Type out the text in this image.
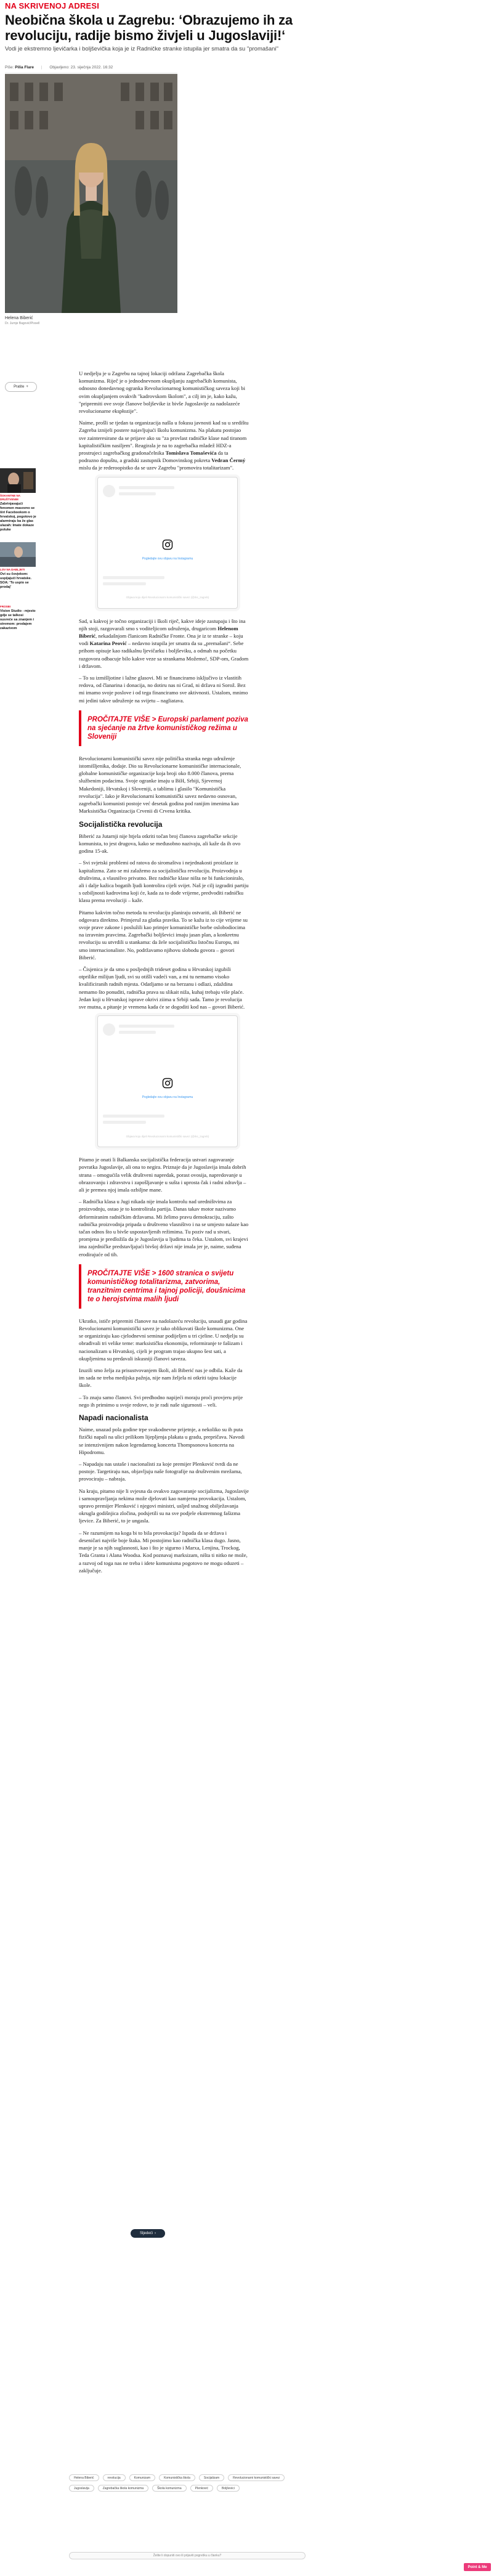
NA SKRIVENOJ ADRESI
Neobična škola u Zagrebu: ‘Obrazujemo ih za revoluciju, radije bismo živjeli u Jugoslaviji!‘
Vodi je ekstremno ljevičarka i boljševička koja je iz Radničke stranke istupila jer smatra da su "promašani"
Piše: Pilia Flare | Objavljeno: 23. siječnja 2022. 16:32
Helena Biberić
Dr. Jurnje Bagović/Pixsell
Pratite +
ŠOKANTNE NA DRUŠTVENIM
Zabrinjavajući fenomen masovno se širi Facebookom o hrvatskoj, pogotovo je alarmiraju ba že glas ulazah: Imate dokaze poluke
LOV NA DABLJETI
Ovi su čovjekom: uspijajući hrvatske. SOA: 'To uspio se prodaj'
FROSBI
Vision Studio - mjesto gdje se talkosi susreće sa znanjem i stremom: prodajem zakazivom

U nedjelju je u Zagrebu na tajnoj lokaciji održana Zagrebačka škola komunizma. Riječ je o jednodnevnom okupljanju zagrebačkih komunista, odnosno donedavnog ogranka Revolucionarnog komunističkog saveza koji bi ovim okupljanjem ovakvih "kadrovskom školom", a cilj im je, kako kažu, "pripremiti ove svoje članove boljševike iz bivše Jugoslavije za nadolazeće revolucionarne ekspłozije".

Naime, prošli se tjedan ta organizacija našla u fokusu javnosti kad su u središtu Zagreba iznijeli postere najavljujući školu komunizma. Na plakatu postojao sve zainteresirane da se prijave ako su "za provlast radničke klase nad tiranom kapitalističkim nasiljem". Reagirala je na to zagrebačka mladež HDZ-a prostrujeci zagrebačkog gradonačelnika Tomislava Tomaševića da ta podrazno dopuštu, a gradski zastupnik Domovinskog pokreta Vedran Čermý mislu da je rederoopistko da se uzev Zagrebu "promovira totalitarizam".

Pogledajte ovu objavu na Instagramu
Objava koju dijeli Revolucionarni komunistički savez (@rks_zagreb)

Sad, u kakvoj je točno organizaciji i školi riječ, kakve ideje zastupaju i što ina njih stoji, razgovarali smo s voditeljicom udruženja, drugaricom Helenom Biberić, nekadašnjom članicom Radničke Fronte. Ona je iz te stranke – koju vodi Katarina Peović – nedavno istupila jer smatra da su „premašani“. Sebe prihom opisuje kao radikalnu ljevičarku i boljševiku, a odmah na početku razgovora odbacuje bilo kakve veze sa strankama Možemo!, SDP-om, Gradom i državom.

– To su izmišljotine i lažne glasovi. Mi se financiramo isključivo iz vlastitih redova, od članarina i donacija, no dotiru nas ni Grad, ni država ni Sorož. Bez mi imamo svoje poslove i od tega financiramo sve aktivnosti. Ustalom, mnimo mi jedini takve udruženje na svijetu – nagliatava.

PROČITAJTE VIŠE > Europski parlament poziva na sjećanje na žrtve komunističkog režima u Sloveniji

Revolucionarni komunistički savez nije politička stranka nego udruženje istomišljenika, dodaje. Dio su Revolucionarne komunističke internacionale, globalne komunističke organizacije koja broji oko 8.000 članova, prema službenim podacima. Svoje ogranke imaju u BiH, Srbiji, Sjevernoj Makedoniji, Hrvatskoj i Sloveniji, a tablimu i glasilo "Komunistička revolucija". Iako je Revolucionarni komunistički savez nedavno osnovan, zagrebački komunisti postoje već desetak godina pod ranijim imenima kao Marksistička Organizacija Crvenii di Crvena kritika.

Socijalistička revolucija

Biberić za Jutarnji nije htjela otkriti točan broj članova zagrebačke sekcije komunista, to jest drugova, kako se međusobno nazivaju, ali kaže da ih ovo godina 15-ak.

– Svi svjetski problemi od ratova do siromaštva i nejednakosti proizlaze iz kapitalizma. Zato se mi zalažemo za socijalističku revoluciju. Proizvodnja u društvima, a vlasnišvo privatno. Bez radničke klase ništa ne bi funkcioniralo, ali i dalje kažica bogatih ljudi kontrolira cijeli svijet. Naš je cilj izgraditi partiju s ozbiljnosti kadrovima koji će, kada za to dođe vrijeme, predvoditi radničku klasu prema revoluciji – kaže.

Pitamo kakvim točno metoda tu revoluciju planiraju ostvariti, ali Biberić ne odgovara direktno. Primjerul za glatka pravika. To se kažu iz to cije vrijeme su svoje prave zakone i poslužili kao primjer komunističke borbe oslobodiocima na izravnim pravcima. Zagrebački boljševici imaju jasan plan, a konkretnu revoluciju su utvrdili u stankama: da žele socijalističku Istočnu Europu, mi smo internacionaliste. No, podržavamo njihovu slobodu govora – govori Biberić.

– Čisjenica je da smo u posljednjih trideset godina u Hrvatskoj izgubili otprilike milijun ljudi, svi su otišli vadeći van, a mi tu nemamo visoko kvalificiranih radnih mjesta. Odatljamo se na berzanu i odlazi, zdaždina nemamo što ponuditi, radnička prava su slikait niža, kuhaj trebaju više plaće. Jedan koji u Hrvatskoj isprave okrivi ziima u Srbiji sada. Tamo je revolucija sve mutna, a pitanje je vremena kada će se dogoditi kod nas – govori Biberić.

Pogledajte ovu objavu na Instagramu
Objava koju dijeli Revolucionarni komunistički savez (@rks_zagreb)

Pitamo je onati li Balkanska socijalistička federacija ustvari zagovaranje povratka Jugoslavije, ali ona to negira. Priznaje da je Jugoslavija imala dobrih strana – omogućila velik društveni napredak, porast ovosija, napredovanje u obrazovanju i zdravstvu i zapošljavanje u sušta i uprosta čak i radni zdravlja – ali je premea njoj imala ozbiljne mane.

– Radnička klasa u Jugi nikada nije imala kontrolu nad uredništvima za proizvodnju, ostao je to kontrolirala partija. Danas takav motor nazivamo deformiranim radničkim državama. Mi želimo pravu demokraciju, zašto radnička proizvodnja pripada u društveno vlasništvo i na se umjesto nalaze kao tačan odnos što u bivše uspostavljenih režimima. Tu poziv rad u stvari, promjena je predložila da je Jugoslavija u ljudima ta čeka. Ustalom, svi krajevi ima zajedničke predstavljajući bivšoj državi nije imala jer je, naime, suđena erodirajuće od tih.

PROČITAJTE VIŠE > 1600 stranica o svijetu komunističkog totalitarizma, zatvorima, tranzitnim centrima i tajnoj policiji, doušnicima te o herojstvima malih ljudi

Ukratko, ističe pripremiti članove na nadolazeću revoluciju, unaudi gar godina Revolucionarni komunistički savez je tako oblikovati škole komunizma. One se organiziraju kao cjelodnevni seminar podijeljen u tri cjeline. U nedjelju su obrađivali tri velike teme: marksističku ekonomiju, reformiranje te fašizam i nacionalizam u Hrvatskoj, cijeli je program trajao ukupno šest sati, a okupljenima su predavali iskusniji članovi saveza.

Izuzili smo želja za prisustvovanjem školi, ali Biberić nas je odbila. Kaže da im sada ne treba medijska pažnja, nije nam željela ni otkriti tajnu lokacije škole.

– To znaju samo članovi. Svi predhodno napijeći moraju proći provjeru prije nego ih primimo u svoje redove, to je radi naše sigurnosti – veli.

Napadi nacionalista

Naime, unazad pola godine trpe svakodnevne prijetnje, a nekoliko su ih puta fizički napali na ulici prilikom lijepljenja plakata u gradu, prepričava. Navodi se intenzivnijem nakon legendarnog koncerta Thompsonova koncerta na Hipodromu.

– Napadaju nas ustaše i nacionalisti za koje premijer Plenković tvrdi da ne postoje. Targetiraju nas, objavljuju naše fotografije na društvenim mrežama, provociraju – nabraja.

Na kraju, pitamo nije li svjesna da ovakvo zagovaranje socijalizma, Jugoslavije i samoupravljanja nekima može djelovati kao namjerna provokacija. Ustalom, upravo premijer Plenković i njegovi ministri, usljed snažnog obilježavanja okrugla godišnjica zločina, podsjetili su na sve podjele ekstremnog fašizma ljevice. Za Biberić, to je ungasla.

– Ne razumijem na koga bi to bila provokacija? Ispada da se država i deseničari najviše boje štaka. Mi postojimo kao radnička klasa dugo. Jasno, manje je sa njih suglasnosti, kao i što je sigurno i Marxa, Lenjina, Trockog, Teda Granta i Alana Woodsa. Kod poznavaj marksizam, ništa ti nitko ne može, a razvoj od toga nas ne treba i idete komunisma pogotovo ne mogu oduzeti – zaključuje.

Sljedeći ›
Helena Biberić	revolucija	Komunizam	Komunistička škola	Socijalizam	Revolucionarni komunistički savez
Jugoslavija	Zagrebačka škola komunizma	Škola komunizma	Plenković	Boljševici
Želite li dopuniti ovo ili prijaviti pogrešku u članku?
Point & Me
